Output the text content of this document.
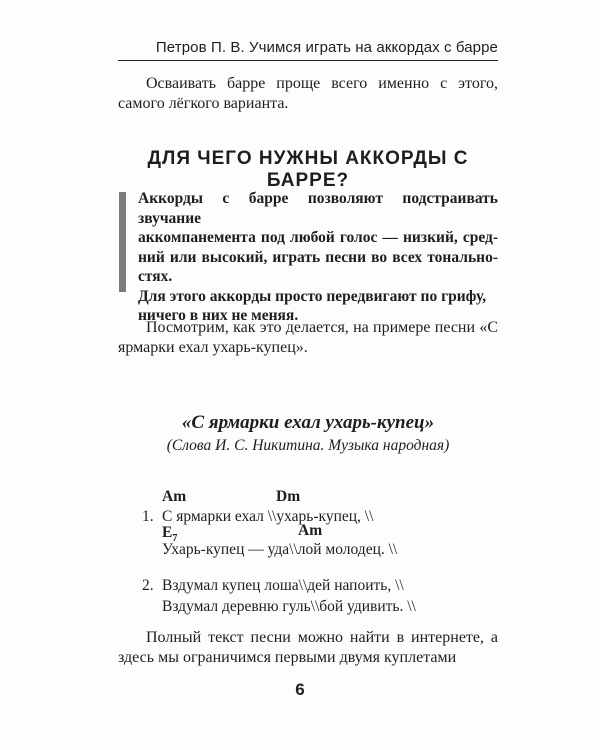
Петров П. В. Учимся играть на аккордах с барре
Осваивать барре проще всего именно с этого, самого лёгкого варианта.
ДЛЯ ЧЕГО НУЖНЫ АККОРДЫ С БАРРЕ?
Аккорды с барре позволяют подстраивать звучание
аккомпанемента под любой голос — низкий, сред-
ний или высокий, играть песни во всех тонально-
стях.
Для этого аккорды просто передвигают по грифу,
ничего в них не меняя.
Посмотрим, как это делается, на примере песни «С ярмарки ехал ухарь-купец».
«С ярмарки ехал ухарь-купец»
(Слова И. С. Никитина. Музыка народная)
Am	Dm
1. С ярмарки ехал \\ухарь-купец, \\
$E_7$	Am
Ухарь-купец — уда\\лой молодец. \\
2. Вздумал купец лоша\\дей напоить, \\
Вздумал деревню гуль\\бой удивить. \\
Полный текст песни можно найти в интернете, а здесь мы ограничимся первыми двумя куплетами
6
